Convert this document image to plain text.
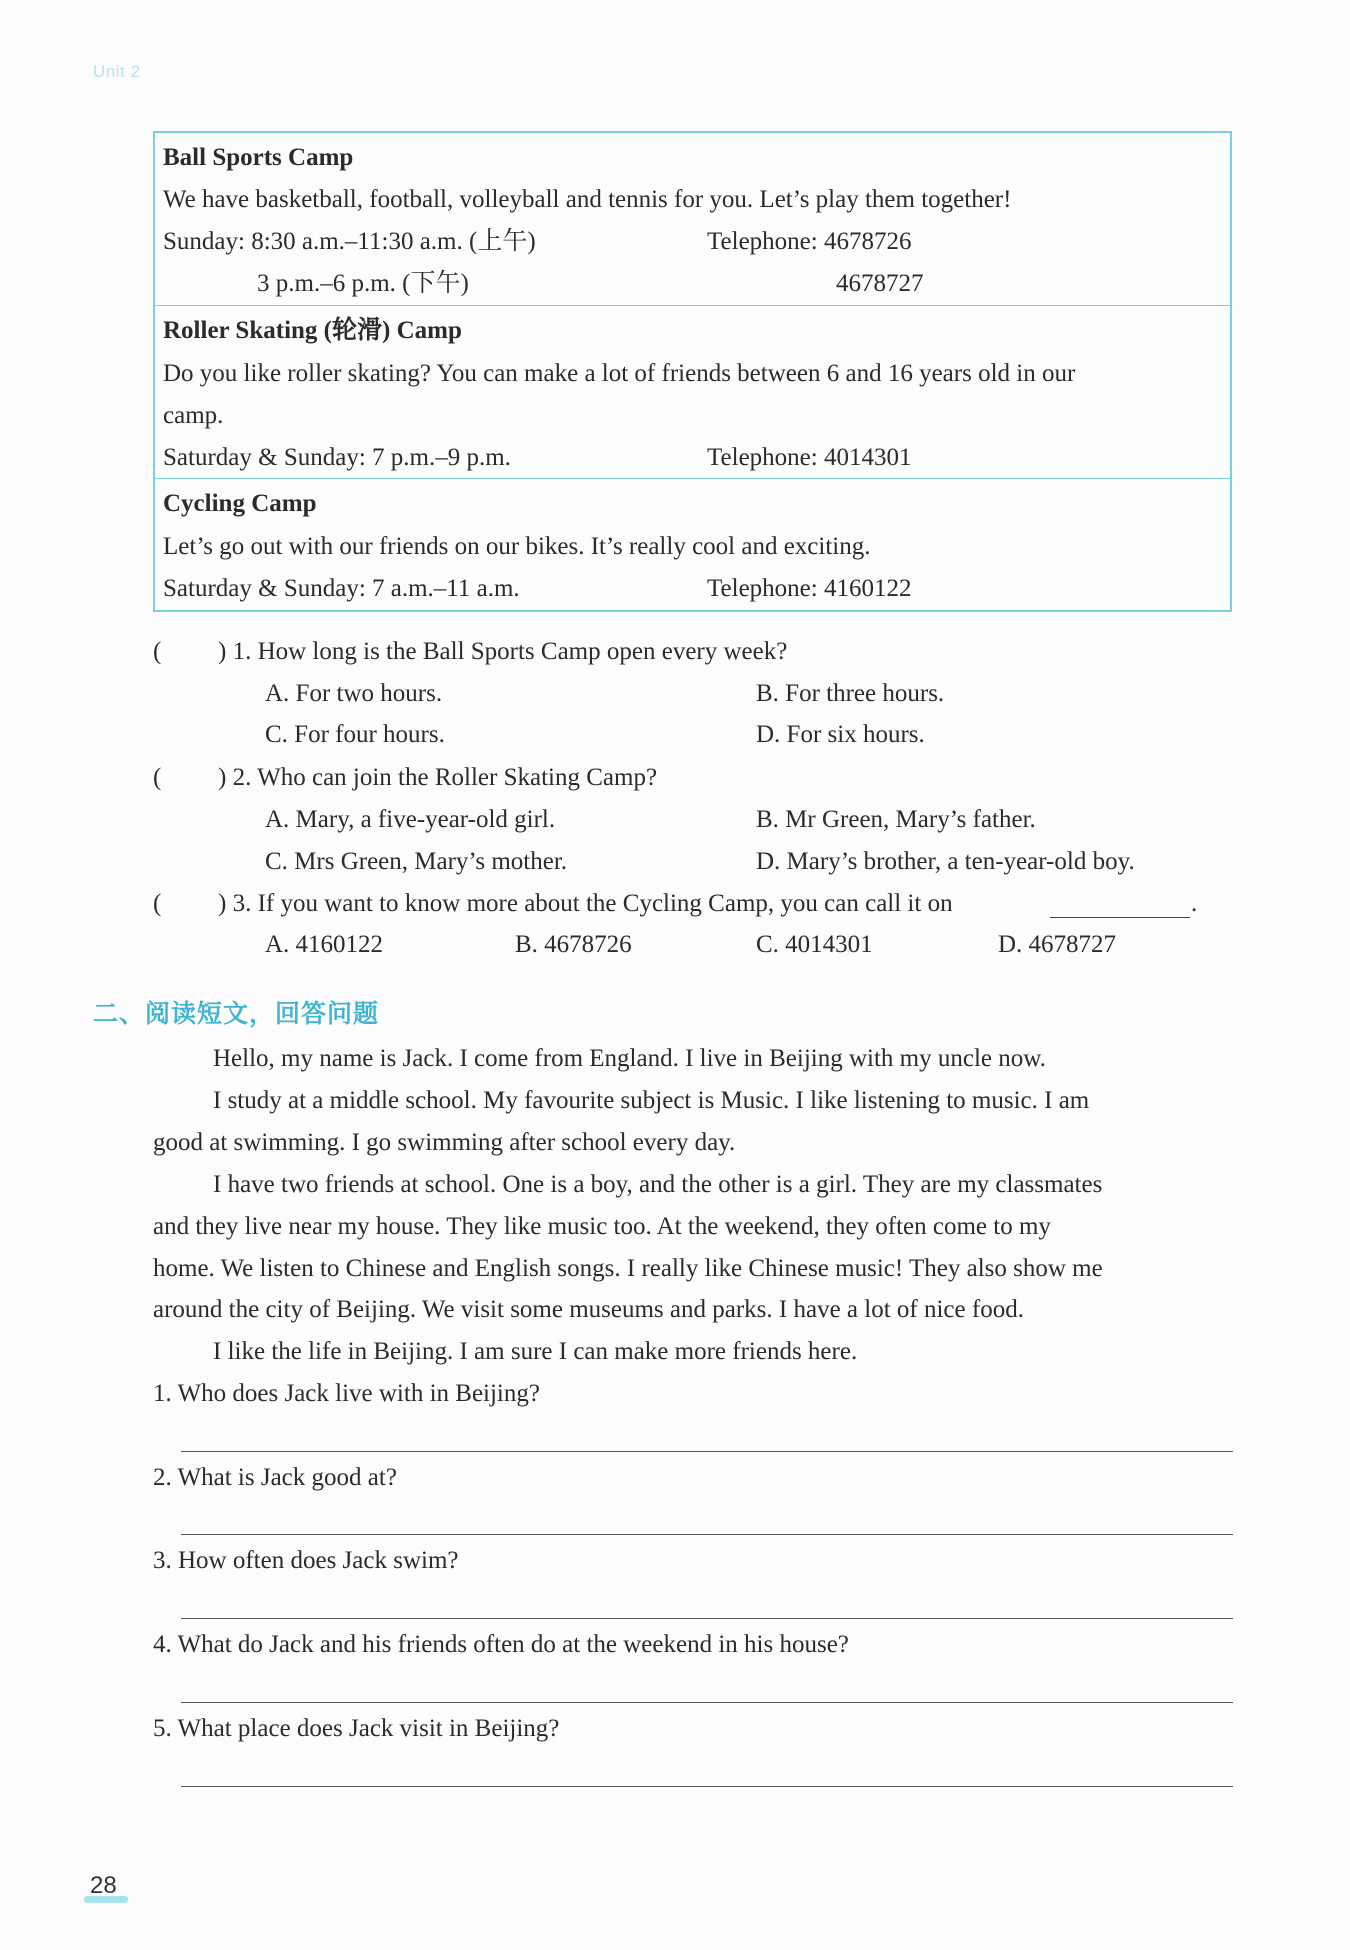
Unit 2
Ball Sports Camp
We have basketball, football, volleyball and tennis for you. Let’s play them together!
Sunday: 8:30 a.m.–11:30 a.m. (上午)	Telephone: 4678726
3 p.m.–6 p.m. (下午)	4678727
Roller Skating (轮滑) Camp
Do you like roller skating? You can make a lot of friends between 6 and 16 years old in our
camp.
Saturday & Sunday: 7 p.m.–9 p.m.	Telephone: 4014301
Cycling Camp
Let’s go out with our friends on our bikes. It’s really cool and exciting.
Saturday & Sunday: 7 a.m.–11 a.m.	Telephone: 4160122
( ) 1. How long is the Ball Sports Camp open every week?
A. For two hours.	B. For three hours.
C. For four hours.	D. For six hours.
( ) 2. Who can join the Roller Skating Camp?
A. Mary, a five-year-old girl.	B. Mr Green, Mary’s father.
C. Mrs Green, Mary’s mother.	D. Mary’s brother, a ten-year-old boy.
( ) 3. If you want to know more about the Cycling Camp, you can call it on	.
A. 4160122	B. 4678726	C. 4014301	D. 4678727
二、阅读短文，回答问题
Hello, my name is Jack. I come from England. I live in Beijing with my uncle now.
I study at a middle school. My favourite subject is Music. I like listening to music. I am
good at swimming. I go swimming after school every day.
I have two friends at school. One is a boy, and the other is a girl. They are my classmates
and they live near my house. They like music too. At the weekend, they often come to my
home. We listen to Chinese and English songs. I really like Chinese music! They also show me
around the city of Beijing. We visit some museums and parks. I have a lot of nice food.
I like the life in Beijing. I am sure I can make more friends here.
1. Who does Jack live with in Beijing?
2. What is Jack good at?
3. How often does Jack swim?
4. What do Jack and his friends often do at the weekend in his house?
5. What place does Jack visit in Beijing?
28
